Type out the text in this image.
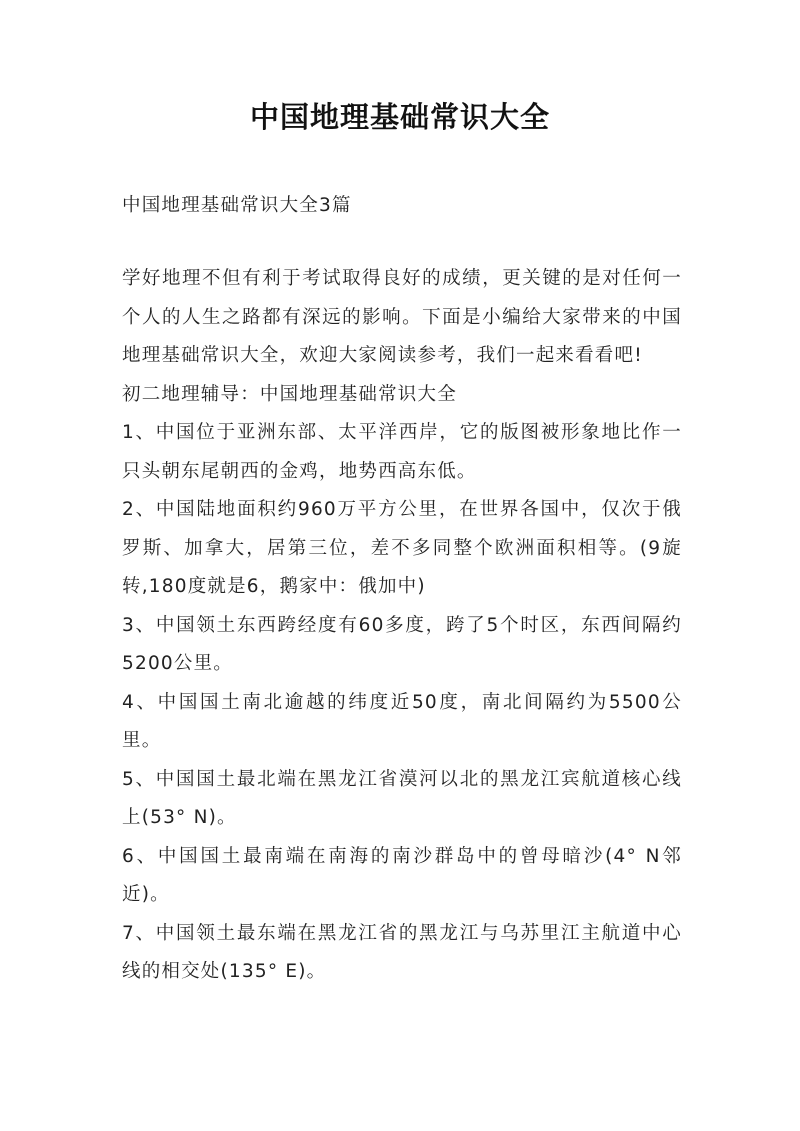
中国地理基础常识大全

中国地理基础常识大全3篇

学好地理不但有利于考试取得良好的成绩，更关键的是对任何一个人的人生之路都有深远的影响。下面是小编给大家带来的中国地理基础常识大全，欢迎大家阅读参考，我们一起来看看吧!

初二地理辅导：中国地理基础常识大全

1、中国位于亚洲东部、太平洋西岸，它的版图被形象地比作一只头朝东尾朝西的金鸡，地势西高东低。

2、中国陆地面积约960万平方公里，在世界各国中，仅次于俄罗斯、加拿大，居第三位，差不多同整个欧洲面积相等。(9旋转,180度就是6，鹅家中：俄加中)

3、中国领土东西跨经度有60多度，跨了5个时区，东西间隔约5200公里。

4、中国国土南北逾越的纬度近50度，南北间隔约为5500公里。

5、中国国土最北端在黑龙江省漠河以北的黑龙江宾航道核心线上(53° N)。

6、中国国土最南端在南海的南沙群岛中的曾母暗沙(4° N邻近)。

7、中国领土最东端在黑龙江省的黑龙江与乌苏里江主航道中心线的相交处(135° E)。
